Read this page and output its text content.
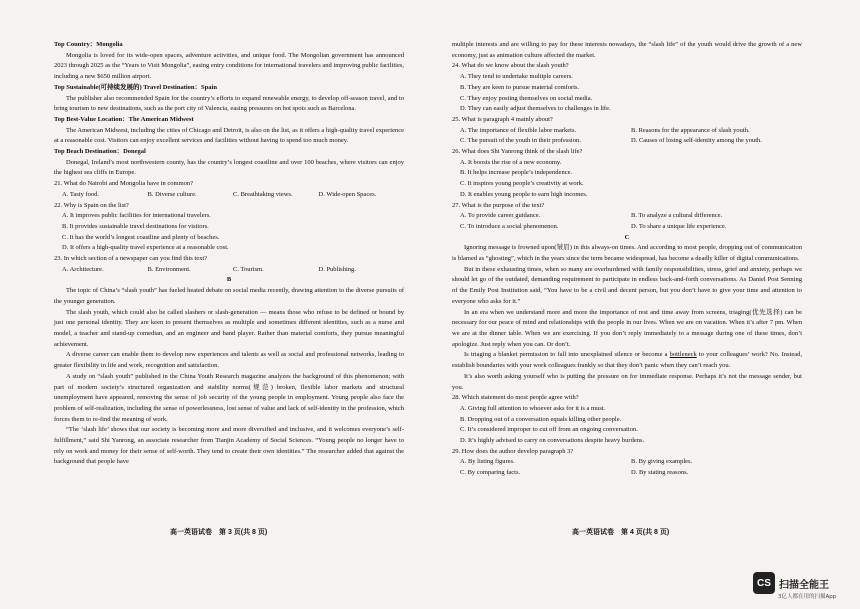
Top Country：Mongolia
Mongolia is loved for its wide-open spaces, adventure activities, and unique food. The Mongolian government has announced 2023 through 2025 as the “Years to Visit Mongolia”, easing entry conditions for international travelers and improving public facilities, including a new $650 million airport.
Top Sustainable(可持续发展的) Travel Destination：Spain
The publisher also recommended Spain for the country’s efforts to expand renewable energy, to develop off-season travel, and to bring tourism to new destinations, such as the port city of Valencia, easing pressures on hot spots such as Barcelona.
Top Best-Value Location：The American Midwest
The American Midwest, including the cities of Chicago and Detroit, is also on the list, as it offers a high-quality travel experience at a reasonable cost. Visitors can enjoy excellent services and facilities without having to spend too much money.
Top Beach Destination：Donegal
Donegal, Ireland’s most northwestern county, has the country’s longest coastline and over 100 beaches, where visitors can enjoy the highest sea cliffs in Europe.
21. What do Nairobi and Mongolia have in common?
A. Tasty food.	B. Diverse culture.	C. Breathtaking views.	D. Wide-open Spaces.
22. Why is Spain on the list?
A. It improves public facilities for international travelers.
B. It provides sustainable travel destinations for visitors.
C. It has the world’s longest coastline and plenty of beaches.
D. It offers a high-quality travel experience at a reasonable cost.
23. In which section of a newspaper can you find this text?
A. Architecture.	B. Environment.	C. Tourism.	D. Publishing.
B
The topic of China’s “slash youth” has fueled heated debate on social media recently, drawing attention to the diverse pursuits of the younger generation.
The slash youth, which could also be called slashers or slash-generation — means those who refuse to be defined or bound by just one personal identity. They are keen to present themselves as multiple and sometimes different identities, such as a nurse and model, a teacher and stand-up comedian, and an engineer and band player. Rather than material comforts, they pursue meaningful achievement.
A diverse career can enable them to develop new experiences and talents as well as social and professional networks, leading to greater flexibility in life and work, recognition and satisfaction.
A study on “slash youth” published in the China Youth Research magazine analyzes the background of this phenomenon; with part of modern society’s structured organization and stability norms(规范) broken, flexible labor markets and structural unemployment have appeared, removing the sense of job security of the young people in employment. Young people also face the problem of self-realization, including the sense of powerlessness, lost sense of value and lack of self-identity in the profession, which forces them to re-find the meaning of work.
“The ‘slash life’ shows that our society is becoming more and more diversified and inclusive, and it welcomes everyone’s self-fulfillment,” said Shi Yanrong, an associate researcher from Tianjin Academy of Social Sciences. “Young people no longer have to rely on work and money for their sense of self-worth. They tend to create their own identities.” The researcher added that against the background that people have
multiple interests and are willing to pay for these interests nowadays, the “slash life” of the youth would drive the growth of a new economy, just as animation culture affected the market.
24. What do we know about the slash youth?
A. They tend to undertake multiple careers.
B. They are keen to pursue material comforts.
C. They enjoy posting themselves on social media.
D. They can easily adjust themselves to challenges in life.
25. What is paragraph 4 mainly about?
A. The importance of flexible labor markets.	B. Reasons for the appearance of slash youth.
C. The pursuit of the youth in their profession.	D. Causes of losing self-identity among the youth.
26. What does Shi Yanrong think of the slash life?
A. It boosts the rise of a new economy.
B. It helps increase people’s independence.
C. It inspires young people’s creativity at work.
D. It enables young people to earn high incomes.
27. What is the purpose of the text?
A. To provide career guidance.	B. To analyze a cultural difference.
C. To introduce a social phenomenon.	D. To share a unique life experience.
C
Ignoring message is frowned upon(皱眉) in this always-on times. And according to most people, dropping out of communication is blamed as “ghosting”, which in the years since the term became widespread, has become a deadly killer of digital communications.
But in these exhausting times, when so many are overburdened with family responsibilities, stress, grief and anxiety, perhaps we should let go of the outdated, demanding requirement to participate in endless back-and-forth conversations. As Daniel Post Senning of the Emily Post Institution said, “You have to be a civil and decent person, but you don’t have to give your time and attention to everyone who asks for it.”
In an era when we understand more and more the importance of rest and time away from screens, triaging(优先选择) can be necessary for our peace of mind and relationships with the people in our lives. When we are on vacation. When it’s after 7 pm. When we are at the dinner table. When we are exercising. If you don’t reply immediately to a message during one of these times, don’t apologize. Just reply when you can. Or don’t.
Is triaging a blanket permission to fall into unexplained silence or become a bottleneck to your colleagues’ work? No. Instead, establish boundaries with your work colleagues frankly so that they don’t panic when they can’t reach you.
It’s also worth asking yourself who is putting the pressure on for immediate response. Perhaps it’s not the message sender, but you.
28. Which statement do most people agree with?
A. Giving full attention to whoever asks for it is a must.
B. Dropping out of a conversation equals killing other people.
C. It’s considered improper to cut off from an ongoing conversation.
D. It’s highly advised to carry on conversations despite heavy burdens.
29. How does the author develop paragraph 3?
A. By listing figures.	B. By giving examples.
C. By comparing facts.	D. By stating reasons.
高一英语试卷　第 3 页(共 8 页)	高一英语试卷　第 4 页(共 8 页)
CS 扫描全能王
3亿人都在用的扫描App
